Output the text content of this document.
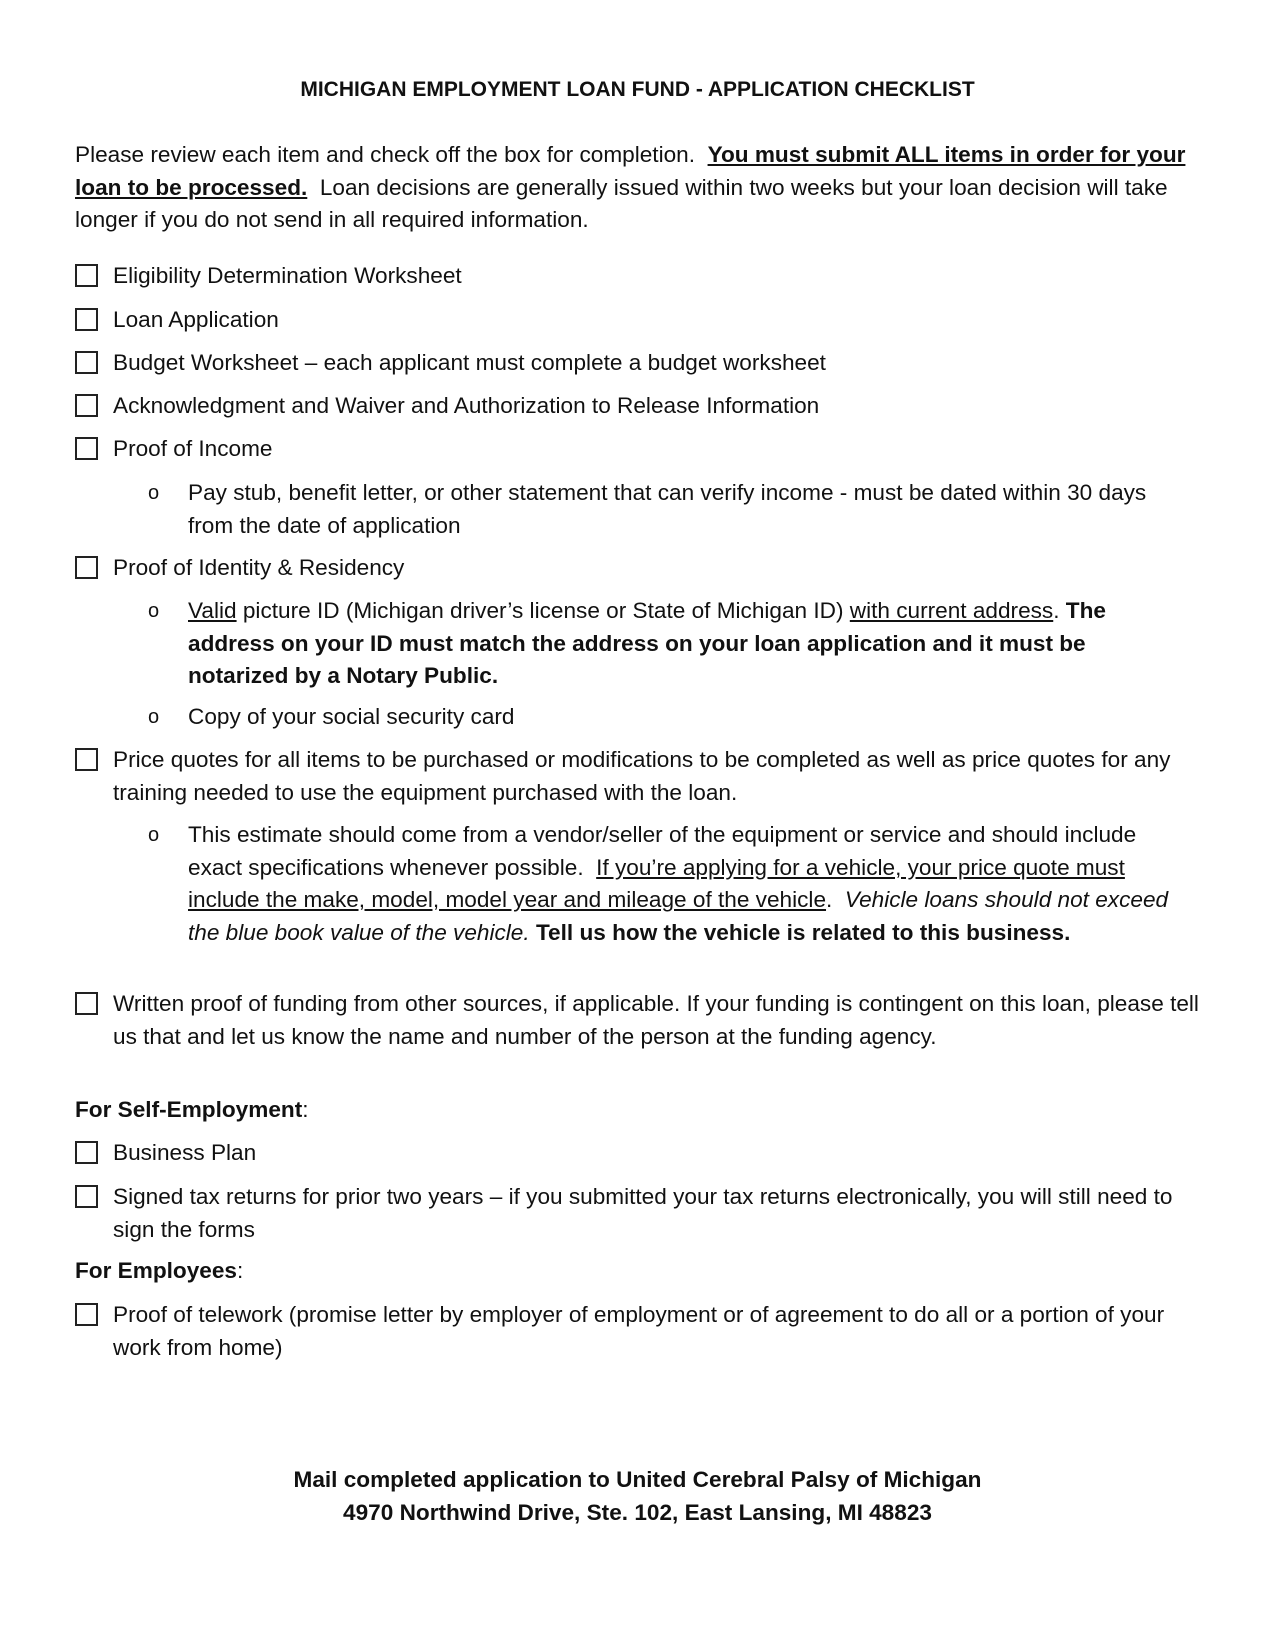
MICHIGAN EMPLOYMENT LOAN FUND - APPLICATION CHECKLIST
Please review each item and check off the box for completion. You must submit ALL items in order for your loan to be processed. Loan decisions are generally issued within two weeks but your loan decision will take longer if you do not send in all required information.
Eligibility Determination Worksheet
Loan Application
Budget Worksheet – each applicant must complete a budget worksheet
Acknowledgment and Waiver and Authorization to Release Information
Proof of Income
o Pay stub, benefit letter, or other statement that can verify income - must be dated within 30 days from the date of application
Proof of Identity & Residency
o Valid picture ID (Michigan driver’s license or State of Michigan ID) with current address. The address on your ID must match the address on your loan application and it must be notarized by a Notary Public.
o Copy of your social security card
Price quotes for all items to be purchased or modifications to be completed as well as price quotes for any training needed to use the equipment purchased with the loan.
o This estimate should come from a vendor/seller of the equipment or service and should include exact specifications whenever possible. If you’re applying for a vehicle, your price quote must include the make, model, model year and mileage of the vehicle. Vehicle loans should not exceed the blue book value of the vehicle. Tell us how the vehicle is related to this business.
Written proof of funding from other sources, if applicable. If your funding is contingent on this loan, please tell us that and let us know the name and number of the person at the funding agency.
For Self-Employment:
Business Plan
Signed tax returns for prior two years – if you submitted your tax returns electronically, you will still need to sign the forms
For Employees:
Proof of telework (promise letter by employer of employment or of agreement to do all or a portion of your work from home)
Mail completed application to United Cerebral Palsy of Michigan
4970 Northwind Drive, Ste. 102, East Lansing, MI 48823
